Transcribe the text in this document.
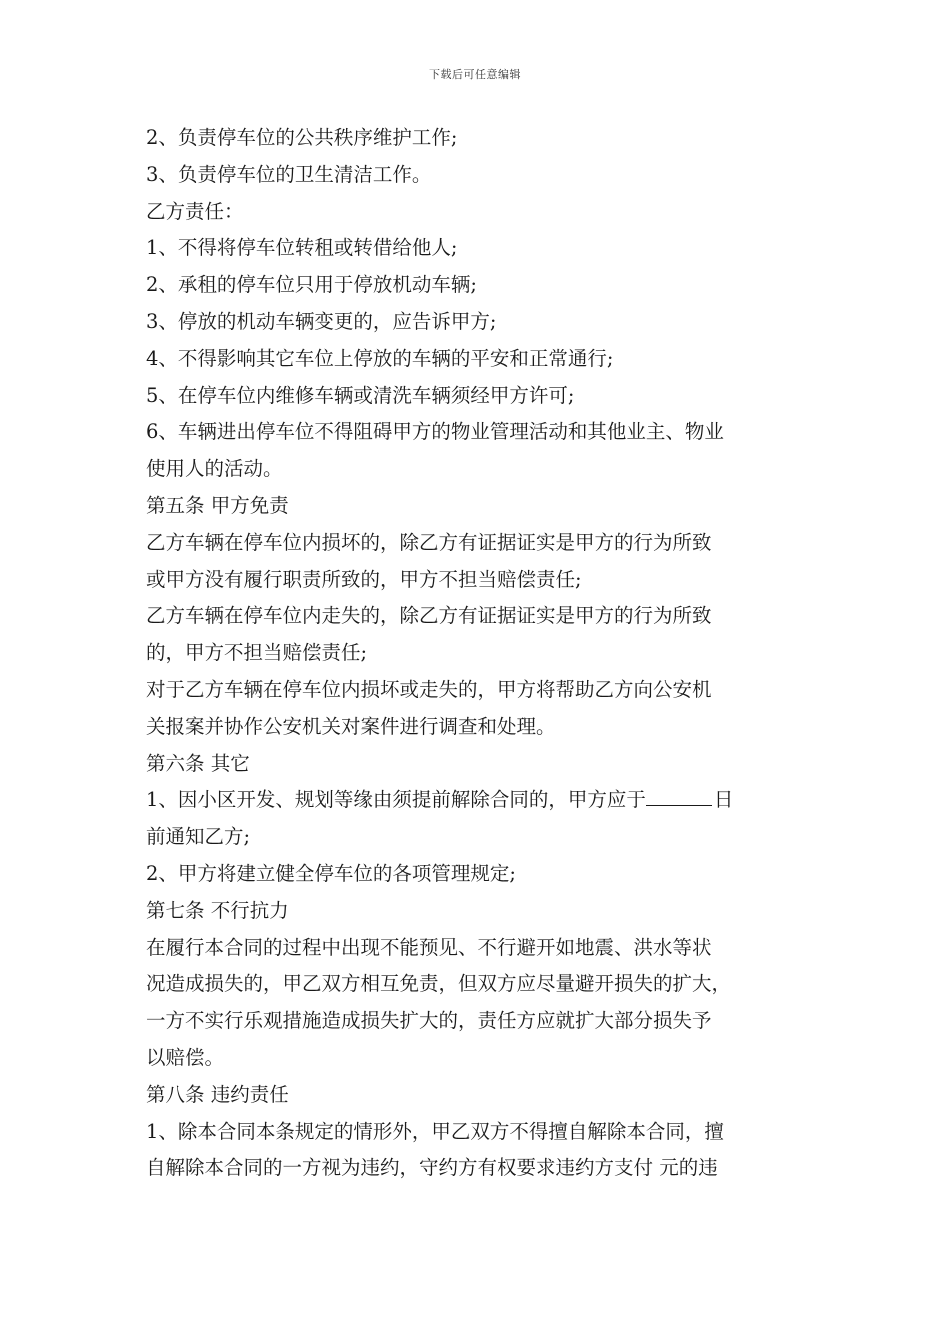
下载后可任意编辑
2、负责停车位的公共秩序维护工作;
3、负责停车位的卫生清洁工作。
乙方责任：
1、不得将停车位转租或转借给他人;
2、承租的停车位只用于停放机动车辆;
3、停放的机动车辆变更的，应告诉甲方;
4、不得影响其它车位上停放的车辆的平安和正常通行;
5、在停车位内维修车辆或清洗车辆须经甲方许可;
6、车辆进出停车位不得阻碍甲方的物业管理活动和其他业主、物业
使用人的活动。
第五条 甲方免责
乙方车辆在停车位内损坏的，除乙方有证据证实是甲方的行为所致
或甲方没有履行职责所致的，甲方不担当赔偿责任;
乙方车辆在停车位内走失的，除乙方有证据证实是甲方的行为所致
的，甲方不担当赔偿责任;
对于乙方车辆在停车位内损坏或走失的，甲方将帮助乙方向公安机
关报案并协作公安机关对案件进行调查和处理。
第六条 其它
1、因小区开发、规划等缘由须提前解除合同的，甲方应于	日
前通知乙方;
2、甲方将建立健全停车位的各项管理规定;
第七条 不行抗力
在履行本合同的过程中出现不能预见、不行避开如地震、洪水等状
况造成损失的，甲乙双方相互免责，但双方应尽量避开损失的扩大，
一方不实行乐观措施造成损失扩大的，责任方应就扩大部分损失予
以赔偿。
第八条 违约责任
1、除本合同本条规定的情形外，甲乙双方不得擅自解除本合同，擅
自解除本合同的一方视为违约，守约方有权要求违约方支付 元的违
